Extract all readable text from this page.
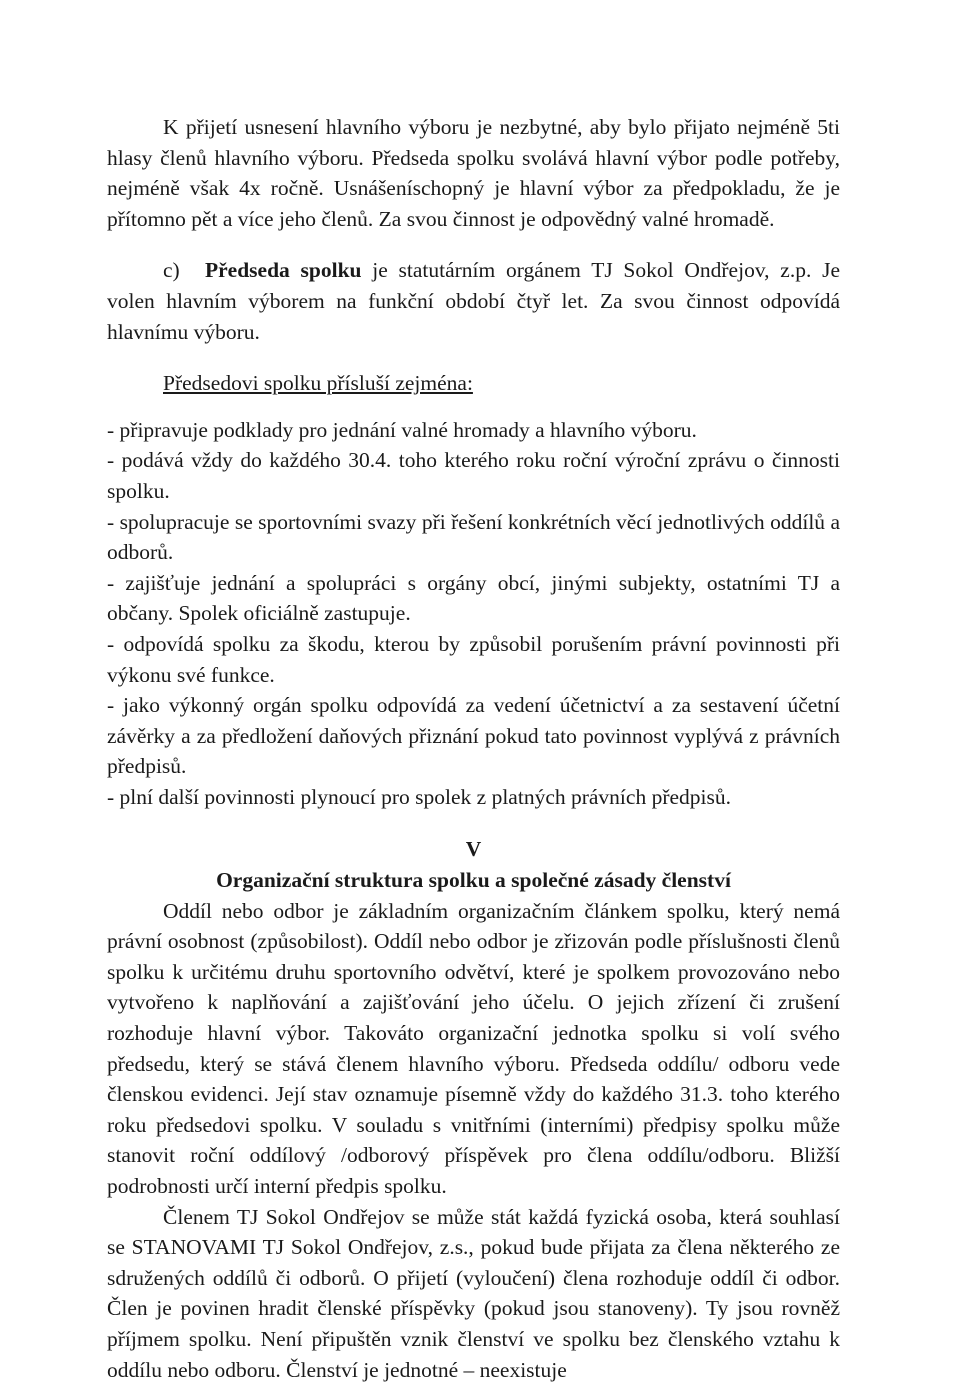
K přijetí usnesení hlavního výboru je nezbytné, aby bylo přijato nejméně 5ti hlasy členů hlavního výboru. Předseda spolku svolává hlavní výbor podle potřeby, nejméně však 4x ročně. Usnášeníschopný je hlavní výbor za předpokladu, že je přítomno pět a více jeho členů. Za svou činnost je odpovědný valné hromadě.

c) Předseda spolku je statutárním orgánem TJ Sokol Ondřejov, z.p. Je volen hlavním výborem na funkční období čtyř let. Za svou činnost odpovídá hlavnímu výboru.

Předsedovi spolku přísluší zejména:

- připravuje podklady pro jednání valné hromady a hlavního výboru.

- podává vždy do každého 30.4. toho kterého roku roční výroční zprávu o činnosti spolku.

- spolupracuje se sportovními svazy při řešení konkrétních věcí jednotlivých oddílů a odborů.

- zajišťuje jednání a spolupráci s orgány obcí, jinými subjekty, ostatními TJ a občany. Spolek oficiálně zastupuje.

- odpovídá spolku za škodu, kterou by způsobil porušením právní povinnosti při výkonu své funkce.

- jako výkonný orgán spolku odpovídá za vedení účetnictví a za sestavení účetní závěrky a za předložení daňových přiznání pokud tato povinnost vyplývá z právních předpisů.

- plní další povinnosti plynoucí pro spolek z platných právních předpisů.

V

Organizační struktura spolku a společné zásady členství

Oddíl nebo odbor je základním organizačním článkem spolku, který nemá právní osobnost (způsobilost). Oddíl nebo odbor je zřizován podle příslušnosti členů spolku k určitému druhu sportovního odvětví, které je spolkem provozováno nebo vytvořeno k naplňování a zajišťování jeho účelu. O jejich zřízení či zrušení rozhoduje hlavní výbor. Takováto organizační jednotka spolku si volí svého předsedu, který se stává členem hlavního výboru. Předseda oddílu/ odboru vede členskou evidenci. Její stav oznamuje písemně vždy do každého 31.3. toho kterého roku předsedovi spolku. V souladu s vnitřními (interními) předpisy spolku může stanovit roční oddílový /odborový příspěvek pro člena oddílu/odboru. Bližší podrobnosti určí interní předpis spolku.

Členem TJ Sokol Ondřejov se může stát každá fyzická osoba, která souhlasí se STANOVAMI TJ Sokol Ondřejov, z.s., pokud bude přijata za člena některého ze sdružených oddílů či odborů. O přijetí (vyloučení) člena rozhoduje oddíl či odbor. Člen je povinen hradit členské příspěvky (pokud jsou stanoveny). Ty jsou rovněž příjmem spolku. Není připuštěn vznik členství ve spolku bez členského vztahu k oddílu nebo odboru. Členství je jednotné – neexistuje
